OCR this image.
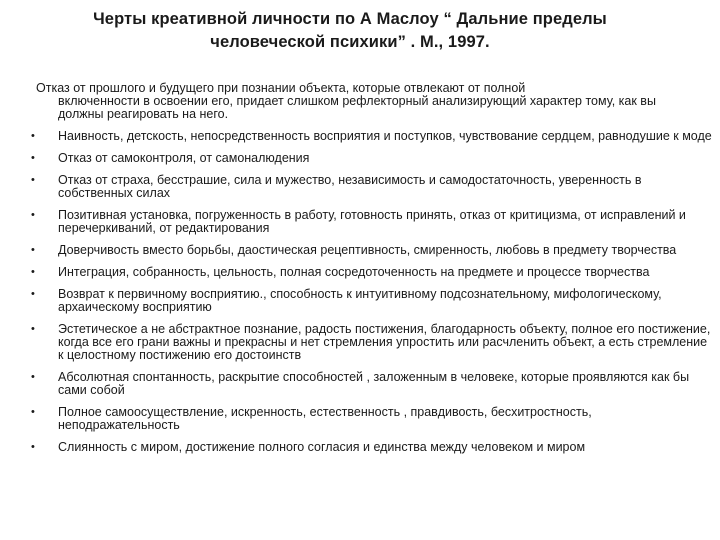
Черты креативной личности по А Маслоу “ Дальние пределы
человеческой психики” . М., 1997.
Отказ от прошлого и будущего при познании объекта, которые отвлекают от полной
включенности в освоении его, придает слишком рефлекторный анализирующий характер тому, как вы должны реагировать на него.
• Наивность, детскость, непосредственность восприятия и поступков, чувствование сердцем, равнодушие к моде
• Отказ от самоконтроля, от самоналюдения
• Отказ от страха, бесстрашие, сила и мужество, независимость и самодостаточность, уверенность в собственных силах
• Позитивная установка, погруженность в работу, готовность принять, отказ от критицизма, от исправлений и перечеркиваний, от редактирования
• Доверчивость вместо борьбы, даостическая рецептивность, смиренность, любовь в предмету творчества
• Интеграция, собранность, цельность, полная сосредоточенность на предмете и процессе творчества
• Возврат к первичному восприятию., способность к интуитивному подсознательному, мифологическому, архаическому восприятию
• Эстетическое а не абстрактное познание, радость постижения, благодарность объекту, полное его постижение, когда все его грани важны и прекрасны и нет стремления упростить или расчленить объект, а есть стремление к целостному постижению его достоинств
• Абсолютная спонтанность, раскрытие способностей , заложенным в человеке, которые проявляются как бы сами собой
• Полное самоосуществление, искренность, естественность , правдивость, бесхитростность, неподражательность
• Слиянность с миром, достижение полного согласия и единства между человеком и миром
